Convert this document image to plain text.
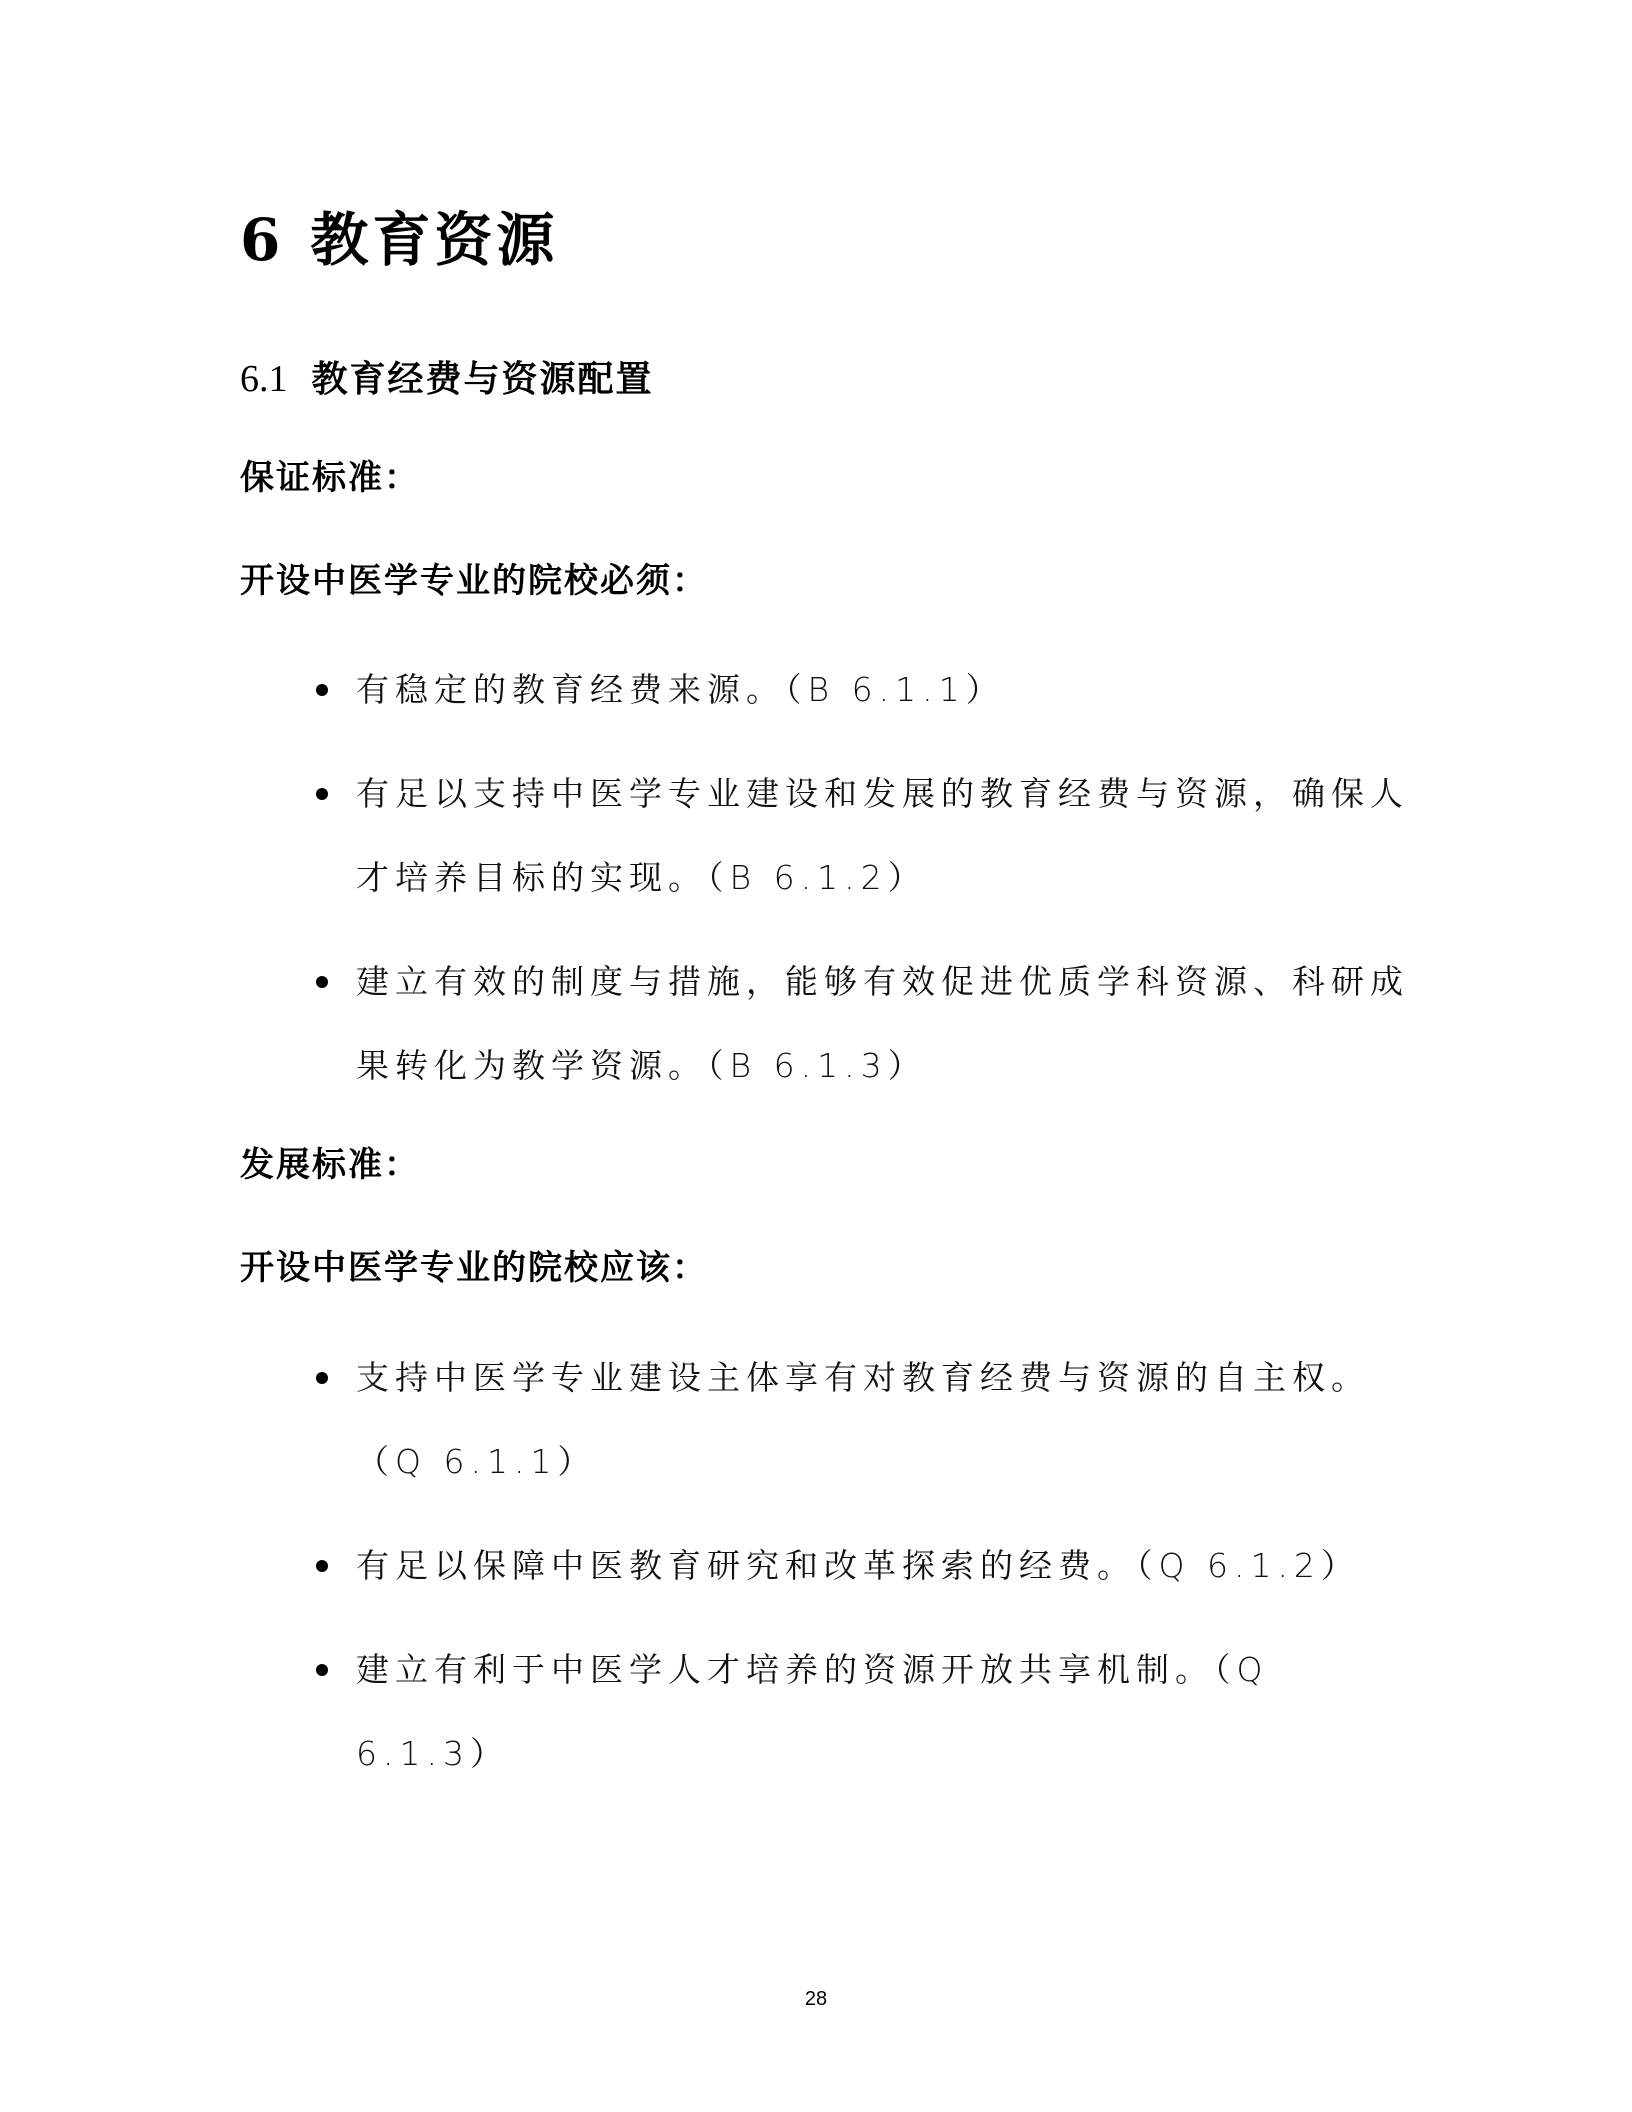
6 教育资源
6.1 教育经费与资源配置

保证标准：

开设中医学专业的院校必须：

有稳定的教育经费来源。（B 6.1.1）
有足以支持中医学专业建设和发展的教育经费与资源，确保人才培养目标的实现。（B 6.1.2）
建立有效的制度与措施，能够有效促进优质学科资源、科研成果转化为教学资源。（B 6.1.3）

发展标准：

开设中医学专业的院校应该：

支持中医学专业建设主体享有对教育经费与资源的自主权。（Q 6.1.1）
有足以保障中医教育研究和改革探索的经费。（Q 6.1.2）
建立有利于中医学人才培养的资源开放共享机制。（Q 6.1.3）
28
